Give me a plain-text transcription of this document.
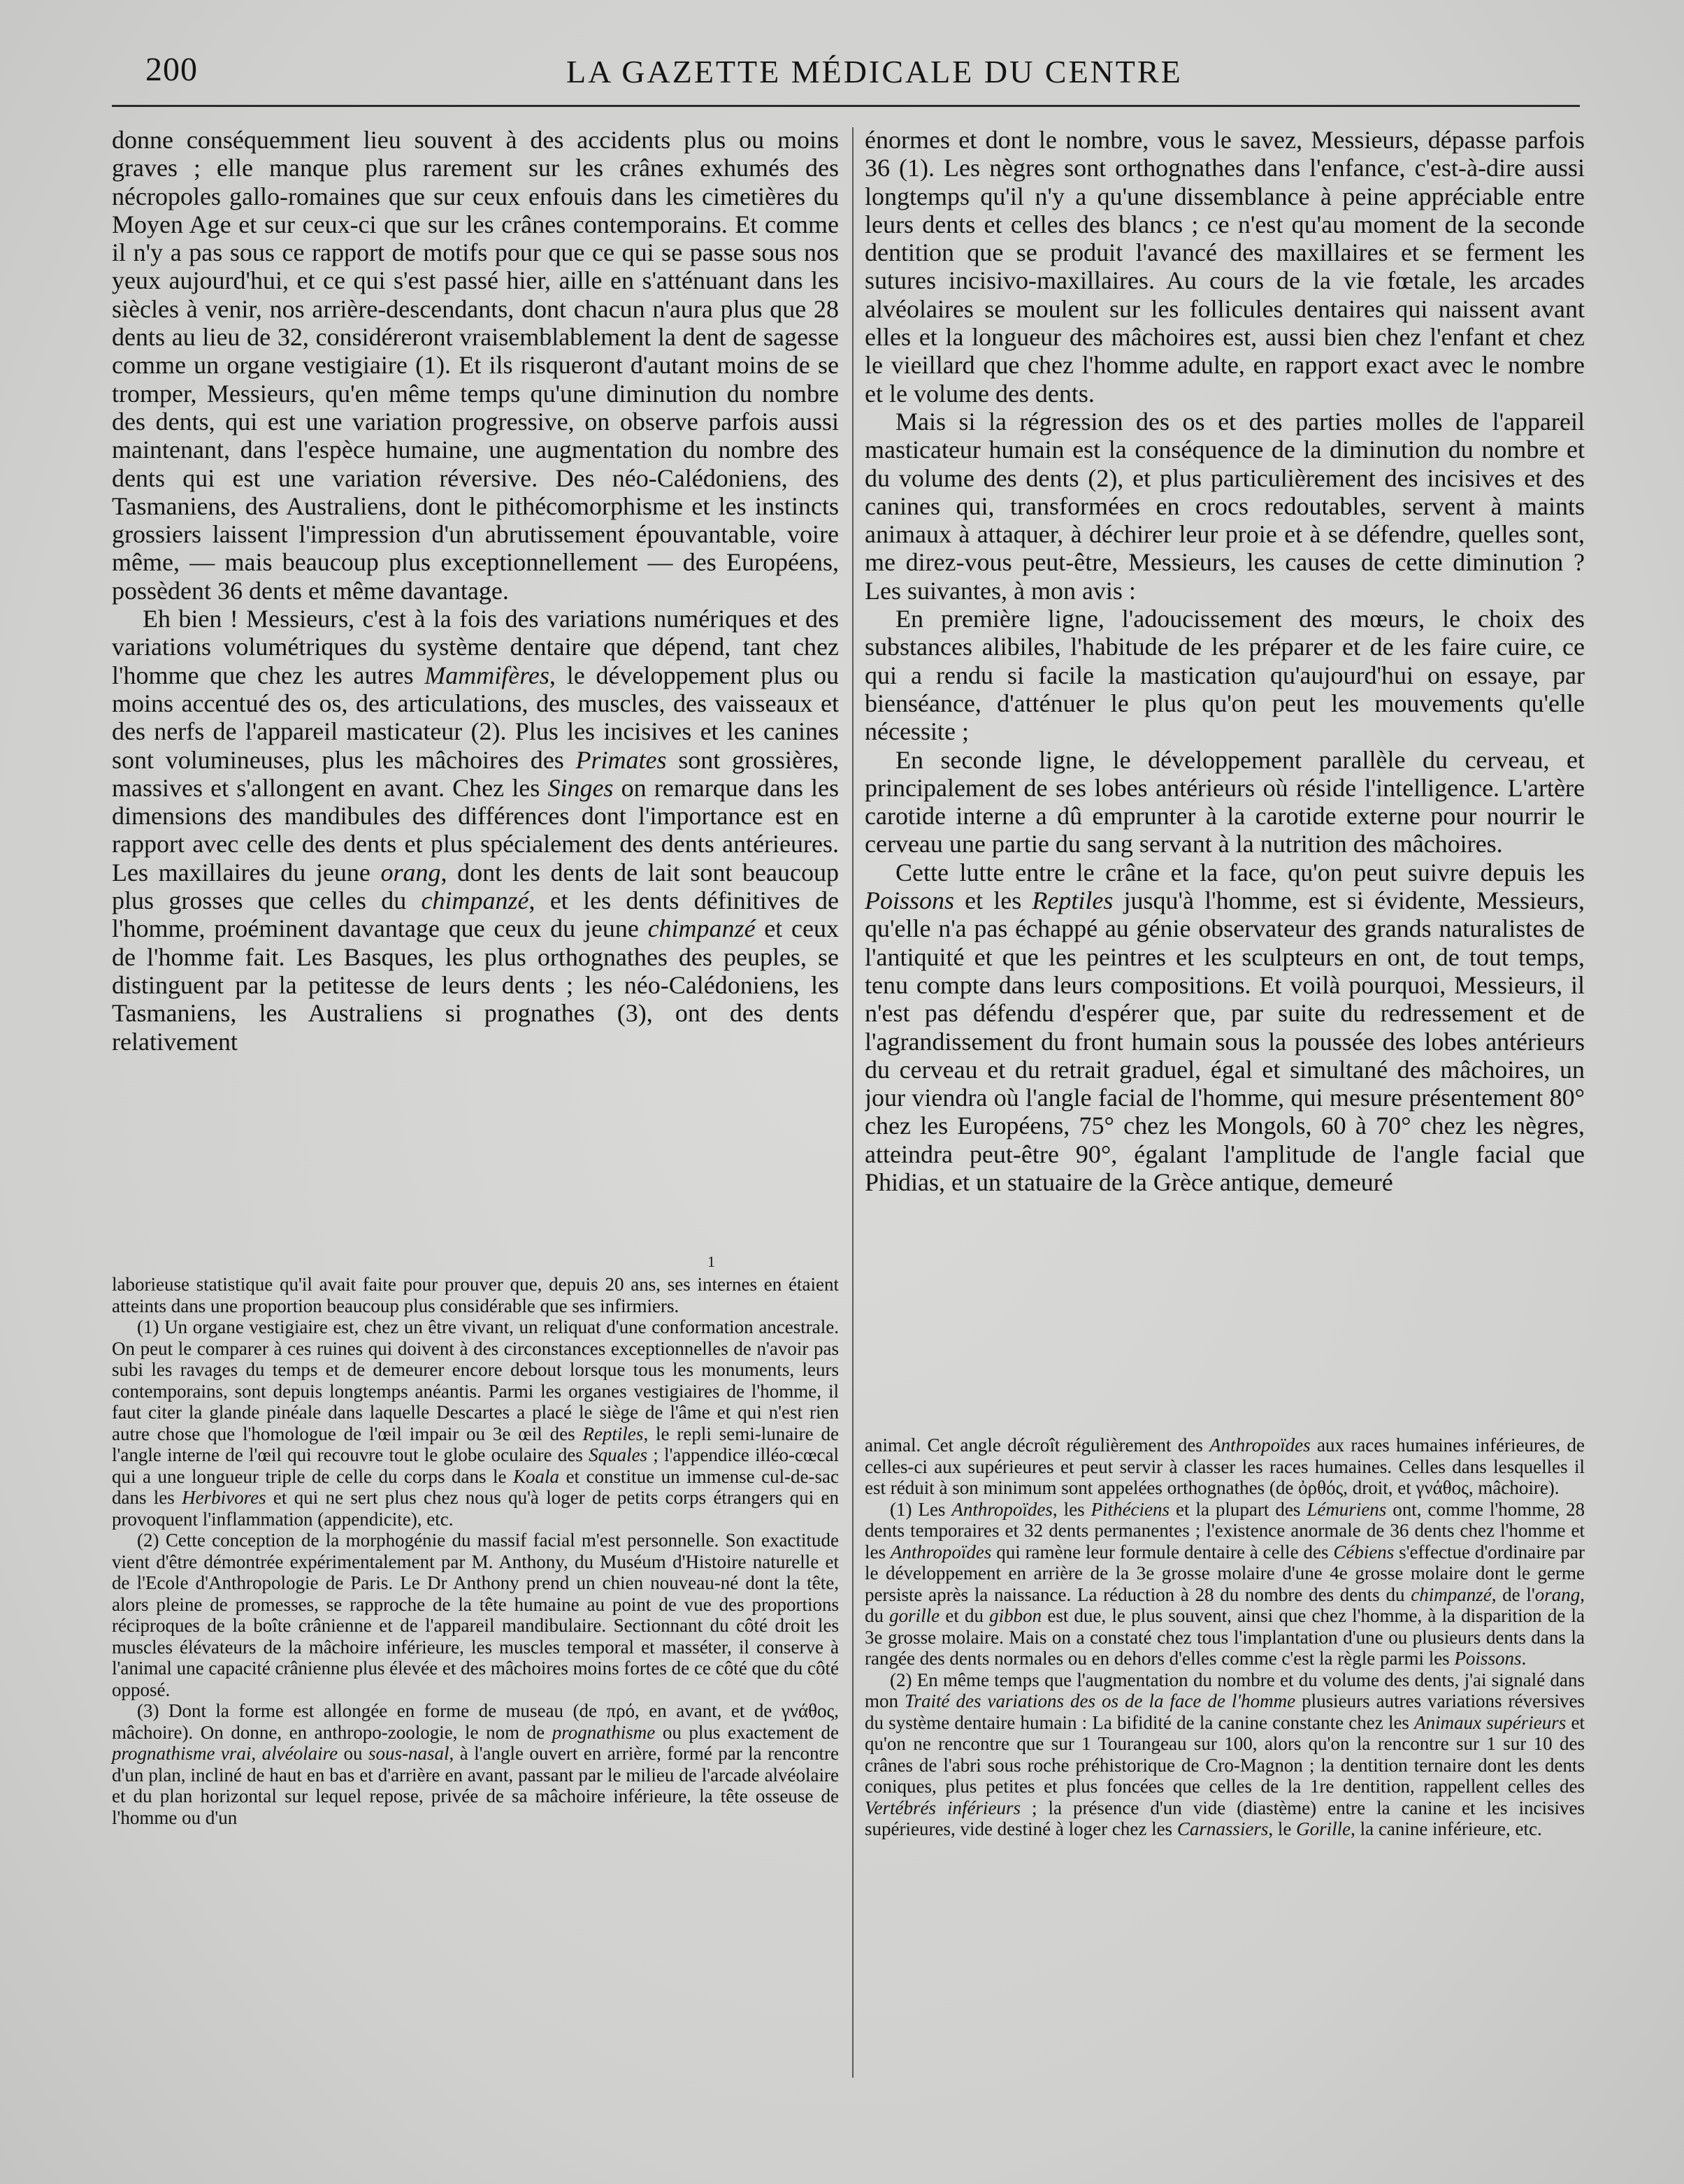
200	LA GAZETTE MÉDICALE DU CENTRE

donne conséquemment lieu souvent à des accidents plus ou moins graves ; elle manque plus rarement sur les crânes exhumés des nécropoles gallo-romaines que sur ceux enfouis dans les cimetières du Moyen Age et sur ceux-ci que sur les crânes contemporains. Et comme il n'y a pas sous ce rapport de motifs pour que ce qui se passe sous nos yeux aujourd'hui, et ce qui s'est passé hier, aille en s'atténuant dans les siècles à venir, nos arrière-descendants, dont chacun n'aura plus que 28 dents au lieu de 32, considéreront vraisemblablement la dent de sagesse comme un organe vestigiaire (1). Et ils risqueront d'autant moins de se tromper, Messieurs, qu'en même temps qu'une diminution du nombre des dents, qui est une variation progressive, on observe parfois aussi maintenant, dans l'espèce humaine, une augmentation du nombre des dents qui est une variation réversive. Des néo-Calédoniens, des Tasmaniens, des Australiens, dont le pithécomorphisme et les instincts grossiers laissent l'impression d'un abrutissement épouvantable, voire même, — mais beaucoup plus exceptionnellement — des Européens, possèdent 36 dents et même davantage.

Eh bien ! Messieurs, c'est à la fois des variations numériques et des variations volumétriques du système dentaire que dépend, tant chez l'homme que chez les autres Mammifères, le développement plus ou moins accentué des os, des articulations, des muscles, des vaisseaux et des nerfs de l'appareil masticateur (2). Plus les incisives et les canines sont volumineuses, plus les mâchoires des Primates sont grossières, massives et s'allongent en avant. Chez les Singes on remarque dans les dimensions des mandibules des différences dont l'importance est en rapport avec celle des dents et plus spécialement des dents antérieures. Les maxillaires du jeune orang, dont les dents de lait sont beaucoup plus grosses que celles du chimpanzé, et les dents définitives de l'homme, proéminent davantage que ceux du jeune chimpanzé et ceux de l'homme fait. Les Basques, les plus orthognathes des peuples, se distinguent par la petitesse de leurs dents ; les néo-Calédoniens, les Tasmaniens, les Australiens si prognathes (3), ont des dents relativement

énormes et dont le nombre, vous le savez, Messieurs, dépasse parfois 36 (1). Les nègres sont orthognathes dans l'enfance, c'est-à-dire aussi longtemps qu'il n'y a qu'une dissemblance à peine appréciable entre leurs dents et celles des blancs ; ce n'est qu'au moment de la seconde dentition que se produit l'avancé des maxillaires et se ferment les sutures incisivo-maxillaires. Au cours de la vie fœtale, les arcades alvéolaires se moulent sur les follicules dentaires qui naissent avant elles et la longueur des mâchoires est, aussi bien chez l'enfant et chez le vieillard que chez l'homme adulte, en rapport exact avec le nombre et le volume des dents.

Mais si la régression des os et des parties molles de l'appareil masticateur humain est la conséquence de la diminution du nombre et du volume des dents (2), et plus particulièrement des incisives et des canines qui, transformées en crocs redoutables, servent à maints animaux à attaquer, à déchirer leur proie et à se défendre, quelles sont, me direz-vous peut-être, Messieurs, les causes de cette diminution ? Les suivantes, à mon avis :

En première ligne, l'adoucissement des mœurs, le choix des substances alibiles, l'habitude de les préparer et de les faire cuire, ce qui a rendu si facile la mastication qu'aujourd'hui on essaye, par bienséance, d'atténuer le plus qu'on peut les mouvements qu'elle nécessite ;

En seconde ligne, le développement parallèle du cerveau, et principalement de ses lobes antérieurs où réside l'intelligence. L'artère carotide interne a dû emprunter à la carotide externe pour nourrir le cerveau une partie du sang servant à la nutrition des mâchoires.

Cette lutte entre le crâne et la face, qu'on peut suivre depuis les Poissons et les Reptiles jusqu'à l'homme, est si évidente, Messieurs, qu'elle n'a pas échappé au génie observateur des grands naturalistes de l'antiquité et que les peintres et les sculpteurs en ont, de tout temps, tenu compte dans leurs compositions. Et voilà pourquoi, Messieurs, il n'est pas défendu d'espérer que, par suite du redressement et de l'agrandissement du front humain sous la poussée des lobes antérieurs du cerveau et du retrait graduel, égal et simultané des mâchoires, un jour viendra où l'angle facial de l'homme, qui mesure présentement 80° chez les Européens, 75° chez les Mongols, 60 à 70° chez les nègres, atteindra peut-être 90°, égalant l'amplitude de l'angle facial que Phidias, et un statuaire de la Grèce antique, demeuré

1

laborieuse statistique qu'il avait faite pour prouver que, depuis 20 ans, ses internes en étaient atteints dans une proportion beaucoup plus considérable que ses infirmiers.

(1) Un organe vestigiaire est, chez un être vivant, un reliquat d'une conformation ancestrale. On peut le comparer à ces ruines qui doivent à des circonstances exceptionnelles de n'avoir pas subi les ravages du temps et de demeurer encore debout lorsque tous les monuments, leurs contemporains, sont depuis longtemps anéantis. Parmi les organes vestigiaires de l'homme, il faut citer la glande pinéale dans laquelle Descartes a placé le siège de l'âme et qui n'est rien autre chose que l'homologue de l'œil impair ou 3e œil des Reptiles, le repli semi-lunaire de l'angle interne de l'œil qui recouvre tout le globe oculaire des Squales ; l'appendice illéo-cœcal qui a une longueur triple de celle du corps dans le Koala et constitue un immense cul-de-sac dans les Herbivores et qui ne sert plus chez nous qu'à loger de petits corps étrangers qui en provoquent l'inflammation (appendicite), etc.

(2) Cette conception de la morphogénie du massif facial m'est personnelle. Son exactitude vient d'être démontrée expérimentalement par M. Anthony, du Muséum d'Histoire naturelle et de l'Ecole d'Anthropologie de Paris. Le Dr Anthony prend un chien nouveau-né dont la tête, alors pleine de promesses, se rapproche de la tête humaine au point de vue des proportions réciproques de la boîte crânienne et de l'appareil mandibulaire. Sectionnant du côté droit les muscles élévateurs de la mâchoire inférieure, les muscles temporal et masséter, il conserve à l'animal une capacité crânienne plus élevée et des mâchoires moins fortes de ce côté que du côté opposé.

(3) Dont la forme est allongée en forme de museau (de πρό, en avant, et de γνάθος, mâchoire). On donne, en anthropo-zoologie, le nom de prognathisme ou plus exactement de prognathisme vrai, alvéolaire ou sous-nasal, à l'angle ouvert en arrière, formé par la rencontre d'un plan, incliné de haut en bas et d'arrière en avant, passant par le milieu de l'arcade alvéolaire et du plan horizontal sur lequel repose, privée de sa mâchoire inférieure, la tête osseuse de l'homme ou d'un

animal. Cet angle décroît régulièrement des Anthropoïdes aux races humaines inférieures, de celles-ci aux supérieures et peut servir à classer les races humaines. Celles dans lesquelles il est réduit à son minimum sont appelées orthognathes (de ὀρθός, droit, et γνάθος, mâchoire).

(1) Les Anthropoïdes, les Pithéciens et la plupart des Lémuriens ont, comme l'homme, 28 dents temporaires et 32 dents permanentes ; l'existence anormale de 36 dents chez l'homme et les Anthropoïdes qui ramène leur formule dentaire à celle des Cébiens s'effectue d'ordinaire par le développement en arrière de la 3e grosse molaire d'une 4e grosse molaire dont le germe persiste après la naissance. La réduction à 28 du nombre des dents du chimpanzé, de l'orang, du gorille et du gibbon est due, le plus souvent, ainsi que chez l'homme, à la disparition de la 3e grosse molaire. Mais on a constaté chez tous l'implantation d'une ou plusieurs dents dans la rangée des dents normales ou en dehors d'elles comme c'est la règle parmi les Poissons.

(2) En même temps que l'augmentation du nombre et du volume des dents, j'ai signalé dans mon Traité des variations des os de la face de l'homme plusieurs autres variations réversives du système dentaire humain : La bifidité de la canine constante chez les Animaux supérieurs et qu'on ne rencontre que sur 1 Tourangeau sur 100, alors qu'on la rencontre sur 1 sur 10 des crânes de l'abri sous roche préhistorique de Cro-Magnon ; la dentition ternaire dont les dents coniques, plus petites et plus foncées que celles de la 1re dentition, rappellent celles des Vertébrés inférieurs ; la présence d'un vide (diastème) entre la canine et les incisives supérieures, vide destiné à loger chez les Carnassiers, le Gorille, la canine inférieure, etc.
